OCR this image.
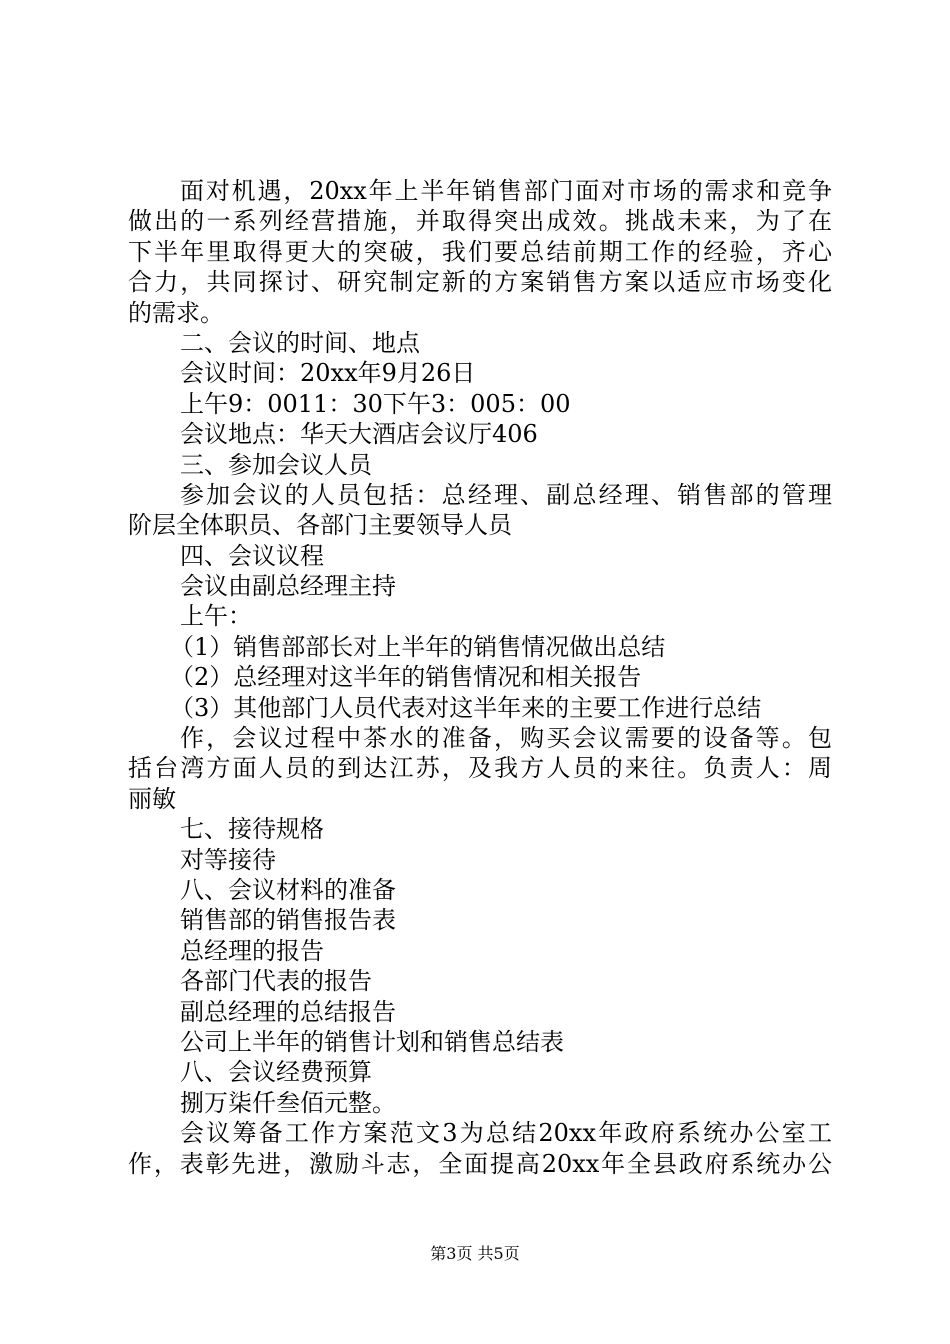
面对机遇，20xx年上半年销售部门面对市场的需求和竞争
做出的一系列经营措施，并取得突出成效。挑战未来，为了在
下半年里取得更大的突破，我们要总结前期工作的经验，齐心
合力，共同探讨、研究制定新的方案销售方案以适应市场变化
的需求。
二、会议的时间、地点
会议时间：20xx年9月26日
上午9：0011：30下午3：005：00
会议地点：华天大酒店会议厅406
三、参加会议人员
参加会议的人员包括：总经理、副总经理、销售部的管理
阶层全体职员、各部门主要领导人员
四、会议议程
会议由副总经理主持
上午：
（1）销售部部长对上半年的销售情况做出总结
（2）总经理对这半年的销售情况和相关报告
（3）其他部门人员代表对这半年来的主要工作进行总结
作，会议过程中茶水的准备，购买会议需要的设备等。包
括台湾方面人员的到达江苏，及我方人员的来往。负责人：周
丽敏
七、接待规格
对等接待
八、会议材料的准备
销售部的销售报告表
总经理的报告
各部门代表的报告
副总经理的总结报告
公司上半年的销售计划和销售总结表
八、会议经费预算
捌万柒仟叁佰元整。
会议筹备工作方案范文3为总结20xx年政府系统办公室工
作，表彰先进，激励斗志，全面提高20xx年全县政府系统办公
第3页 共5页
